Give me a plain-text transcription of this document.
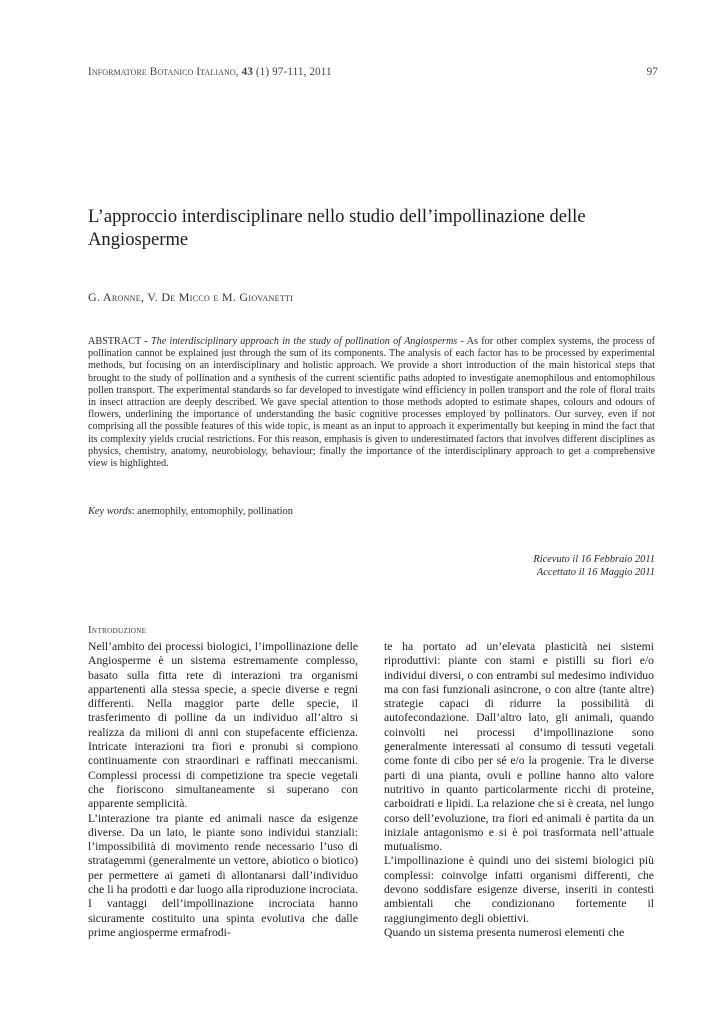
Informatore Botanico Italiano, 43 (1) 97-111, 2011	97
L’approccio interdisciplinare nello studio dell’impollinazione delle Angiosperme
G. Aronne, V. De Micco e M. Giovanetti
ABSTRACT - The interdisciplinary approach in the study of pollination of Angiosperms - As for other complex systems, the process of pollination cannot be explained just through the sum of its components. The analysis of each factor has to be processed by experimental methods, but focusing on an interdisciplinary and holistic approach. We provide a short introduction of the main historical steps that brought to the study of pollination and a synthesis of the current scientific paths adopted to investigate anemophilous and entomophilous pollen transport. The experimental standards so far developed to investigate wind efficiency in pollen transport and the role of floral traits in insect attraction are deeply described. We gave special attention to those methods adopted to estimate shapes, colours and odours of flowers, underlining the importance of understanding the basic cognitive processes employed by pollinators. Our survey, even if not comprising all the possible features of this wide topic, is meant as an input to approach it experimentally but keeping in mind the fact that its complexity yields crucial restrictions. For this reason, emphasis is given to underestimated factors that involves different disciplines as physics, chemistry, anatomy, neurobiology, behaviour; finally the importance of the interdisciplinary approach to get a comprehensive view is highlighted.
Key words: anemophily, entomophily, pollination
Ricevuto il 16 Febbraio 2011
Accettato il 16 Maggio 2011
Introduzione

Nell’ambito dei processi biologici, l’impollinazione delle Angiosperme è un sistema estremamente complesso, basato sulla fitta rete di interazioni tra organismi appartenenti alla stessa specie, a specie diverse e regni differenti. Nella maggior parte delle specie, il trasferimento di polline da un individuo all’altro si realizza da milioni di anni con stupefacente efficienza. Intricate interazioni tra fiori e pronubi si compiono continuamente con straordinari e raffinati meccanismi. Complessi processi di competizione tra specie vegetali che fioriscono simultaneamente si superano con apparente semplicità.

L’interazione tra piante ed animali nasce da esigenze diverse. Da un lato, le piante sono individui stanziali: l’impossibilità di movimento rende necessario l’uso di stratagemmi (generalmente un vettore, abiotico o biotico) per permettere ai gameti di allontanarsi dall’individuo che li ha prodotti e dar luogo alla riproduzione incrociata. I vantaggi dell’impollinazione incrociata hanno sicuramente costituito una spinta evolutiva che dalle prime angiosperme ermafrodi-

te ha portato ad un’elevata plasticità nei sistemi riproduttivi: piante con stami e pistilli su fiori e/o individui diversi, o con entrambi sul medesimo individuo ma con fasi funzionali asincrone, o con altre (tante altre) strategie capaci di ridurre la possibilità di autofecondazione. Dall’altro lato, gli animali, quando coinvolti nei processi d’impollinazione sono generalmente interessati al consumo di tessuti vegetali come fonte di cibo per sé e/o la progenie. Tra le diverse parti di una pianta, ovuli e polline hanno alto valore nutritivo in quanto particolarmente ricchi di proteine, carboidrati e lipidi. La relazione che si è creata, nel lungo corso dell’evoluzione, tra fiori ed animali è partita da un iniziale antagonismo e si è poi trasformata nell’attuale mutualismo.

L’impollinazione è quindi uno dei sistemi biologici più complessi: coinvolge infatti organismi differenti, che devono soddisfare esigenze diverse, inseriti in contesti ambientali che condizionano fortemente il raggiungimento degli obiettivi.

Quando un sistema presenta numerosi elementi che
